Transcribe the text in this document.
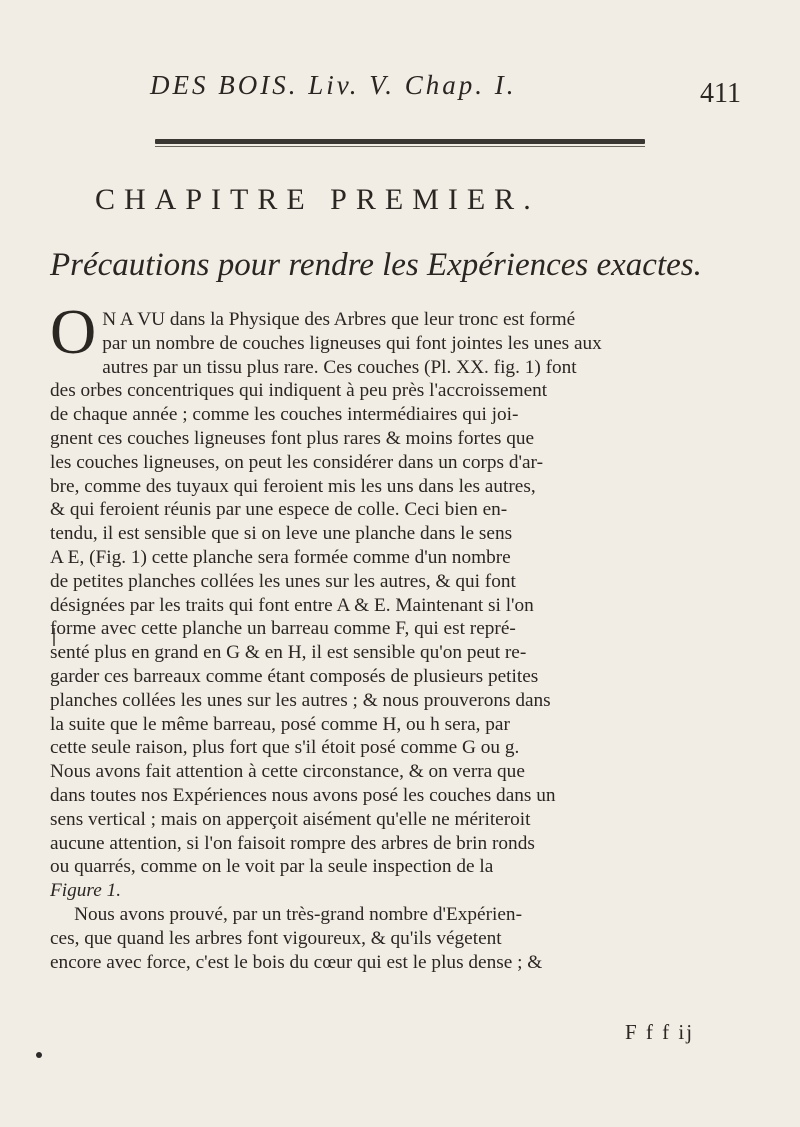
DES BOIS. Liv. V. Chap. I.	411
CHAPITRE PREMIER.
Précautions pour rendre les Expériences exactes.
O N A VU dans la Physique des Arbres que leur tronc est formé
par un nombre de couches ligneuses qui font jointes les unes aux
autres par un tissu plus rare. Ces couches (Pl. XX. fig. 1) font
des orbes concentriques qui indiquent à peu près l'accroissement
de chaque année ; comme les couches intermédiaires qui joi-
gnent ces couches ligneuses font plus rares & moins fortes que
les couches ligneuses, on peut les considérer dans un corps d'ar-
bre, comme des tuyaux qui feroient mis les uns dans les autres,
& qui feroient réunis par une espece de colle. Ceci bien en-
tendu, il est sensible que si on leve une planche dans le sens
A E, (Fig. 1) cette planche sera formée comme d'un nombre
de petites planches collées les unes sur les autres, & qui font
désignées par les traits qui font entre A & E. Maintenant si l'on
forme avec cette planche un barreau comme F, qui est repré-
senté plus en grand en G & en H, il est sensible qu'on peut re-
garder ces barreaux comme étant composés de plusieurs petites
planches collées les unes sur les autres ; & nous prouverons dans
la suite que le même barreau, posé comme H, ou h sera, par
cette seule raison, plus fort que s'il étoit posé comme G ou g.
Nous avons fait attention à cette circonstance, & on verra que
dans toutes nos Expériences nous avons posé les couches dans un
sens vertical ; mais on apperçoit aisément qu'elle ne mériteroit
aucune attention, si l'on faisoit rompre des arbres de brin ronds
ou quarrés, comme on le voit par la seule inspection de la
Figure 1.
Nous avons prouvé, par un très-grand nombre d'Expérien-
ces, que quand les arbres font vigoureux, & qu'ils végetent
encore avec force, c'est le bois du cœur qui est le plus dense ; &
F f f ij
